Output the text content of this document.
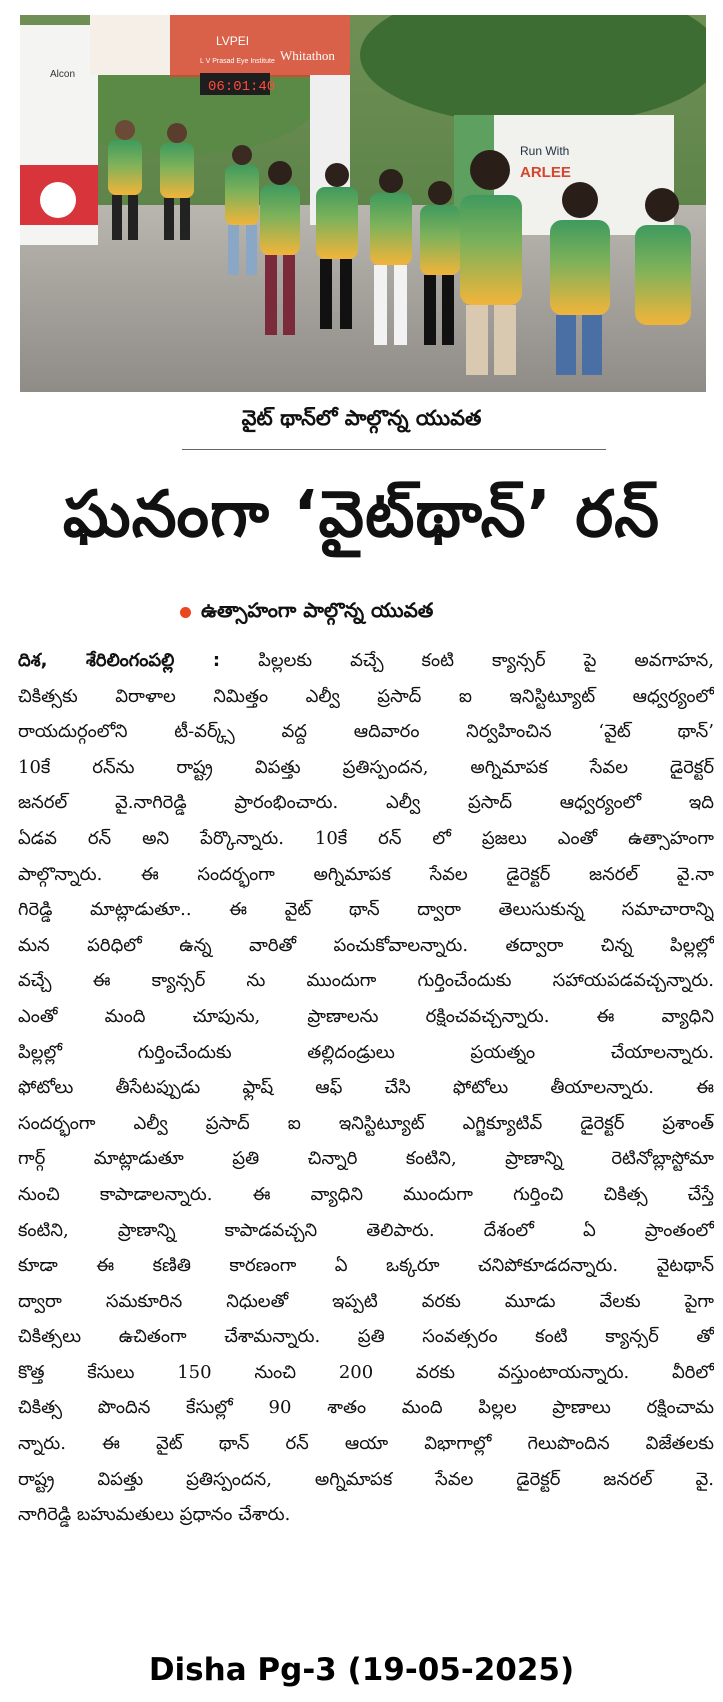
Alcon
06:01:40
LVPEI
L V Prasad Eye Institute Whitathon
Run With
ARLEE
వైట్ థాన్‌లో పాల్గొన్న యువత
ఘనంగా ‘వైట్‌థాన్’ రన్
ఉత్సాహంగా పాల్గొన్న యువత
దిశ, శేరిలింగంపల్లి : పిల్లలకు వచ్చే కంటి క్యాన్సర్ పై అవగాహన,
చికిత్సకు విరాళాల నిమిత్తం ఎల్వీ ప్రసాద్ ఐ ఇనిస్టిట్యూట్ ఆధ్వర్యంలో
రాయదుర్గంలోని టీ-వర్క్స్ వద్ద ఆదివారం నిర్వహించిన ‘వైట్ థాన్’
10కే రన్‌ను రాష్ట్ర విపత్తు ప్రతిస్పందన, అగ్నిమాపక సేవల డైరెక్టర్
జనరల్ వై.నాగిరెడ్డి ప్రారంభించారు. ఎల్వీ ప్రసాద్ ఆధ్వర్యంలో ఇది
ఏడవ రన్ అని పేర్కొన్నారు. 10కే రన్ లో ప్రజలు ఎంతో ఉత్సాహంగా
పాల్గొన్నారు. ఈ సందర్భంగా అగ్నిమాపక సేవల డైరెక్టర్ జనరల్ వై.నా
గిరెడ్డి మాట్లాడుతూ.. ఈ వైట్ థాన్ ద్వారా తెలుసుకున్న సమాచారాన్ని
మన పరిధిలో ఉన్న వారితో పంచుకోవాలన్నారు. తద్వారా చిన్న పిల్లల్లో
వచ్చే ఈ క్యాన్సర్ ను ముందుగా గుర్తించేందుకు సహాయపడవచ్చన్నారు.
ఎంతో మంది చూపును, ప్రాణాలను రక్షించవచ్చన్నారు. ఈ వ్యాధిని
పిల్లల్లో గుర్తించేందుకు తల్లిదండ్రులు ప్రయత్నం చేయాలన్నారు.
ఫోటోలు తీసేటప్పుడు ఫ్లాష్ ఆఫ్ చేసి ఫోటోలు తీయాలన్నారు. ఈ
సందర్భంగా ఎల్వీ ప్రసాద్ ఐ ఇనిస్టిట్యూట్ ఎగ్జిక్యూటివ్ డైరెక్టర్ ప్రశాంత్
గార్గ్ మాట్లాడుతూ ప్రతి చిన్నారి కంటిని, ప్రాణాన్ని రెటినోబ్లాస్టోమా
నుంచి కాపాడాలన్నారు. ఈ వ్యాధిని ముందుగా గుర్తించి చికిత్స చేస్తే
కంటిని, ప్రాణాన్ని కాపాడవచ్చని తెలిపారు. దేశంలో ఏ ప్రాంతంలో
కూడా ఈ కణితి కారణంగా ఏ ఒక్కరూ చనిపోకూడదన్నారు. వైటథాన్
ద్వారా సమకూరిన నిధులతో ఇప్పటి వరకు మూడు వేలకు పైగా
చికిత్సలు ఉచితంగా చేశామన్నారు. ప్రతి సంవత్సరం కంటి క్యాన్సర్ తో
కొత్త కేసులు 150 నుంచి 200 వరకు వస్తుంటాయన్నారు. వీరిలో
చికిత్స పొందిన కేసుల్లో 90 శాతం మంది పిల్లల ప్రాణాలు రక్షించామ
న్నారు. ఈ వైట్ థాన్ రన్ ఆయా విభాగాల్లో గెలుపొందిన విజేతలకు
రాష్ట్ర విపత్తు ప్రతిస్పందన, అగ్నిమాపక సేవల డైరెక్టర్ జనరల్ వై.
నాగిరెడ్డి బహుమతులు ప్రధానం చేశారు.
Disha Pg-3 (19-05-2025)
